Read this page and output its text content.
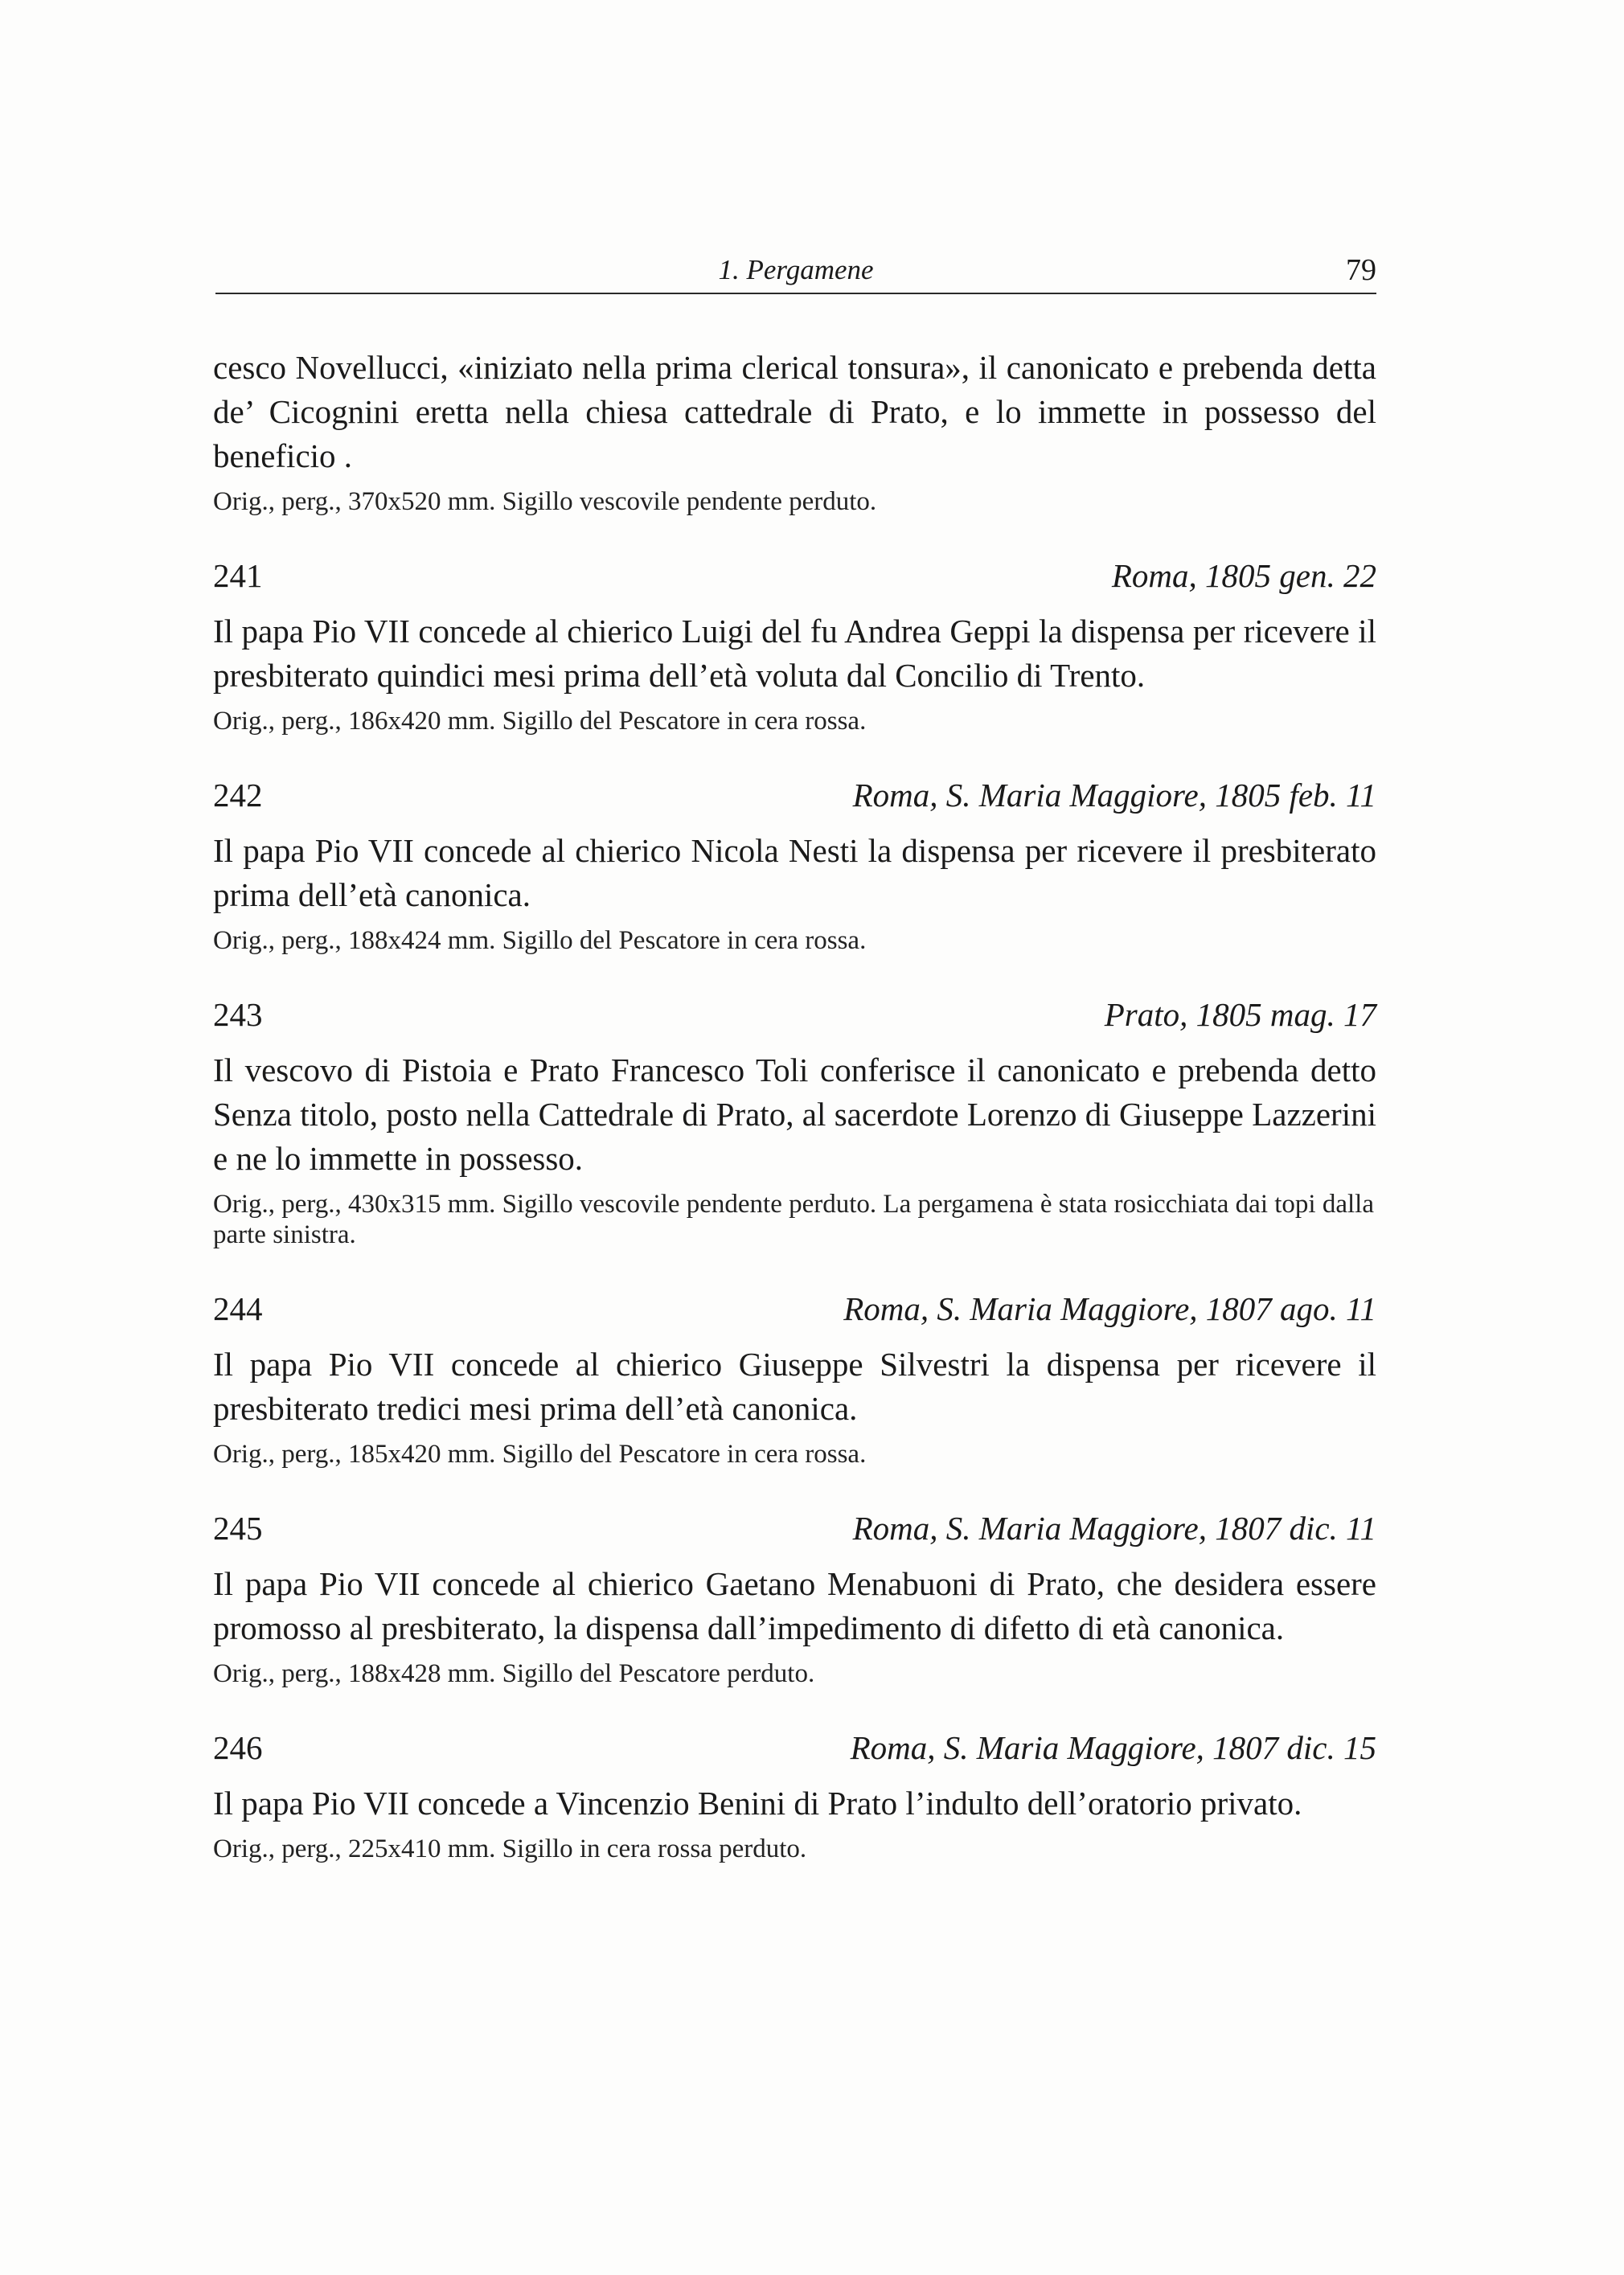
1. Pergamene	79

cesco Novellucci, «iniziato nella prima clerical tonsura», il canonicato e prebenda detta de’ Cicognini eretta nella chiesa cattedrale di Prato, e lo immette in possesso del beneficio .

Orig., perg., 370x520 mm. Sigillo vescovile pendente perduto.

241	Roma, 1805 gen. 22

Il papa Pio VII concede al chierico Luigi del fu Andrea Geppi la dispensa per ricevere il presbiterato quindici mesi prima dell’età voluta dal Concilio di Trento.

Orig., perg., 186x420 mm. Sigillo del Pescatore in cera rossa.

242	Roma, S. Maria Maggiore, 1805 feb. 11

Il papa Pio VII concede al chierico Nicola Nesti la dispensa per ricevere il presbiterato prima dell’età canonica.

Orig., perg., 188x424 mm. Sigillo del Pescatore in cera rossa.

243	Prato, 1805 mag. 17

Il vescovo di Pistoia e Prato Francesco Toli conferisce il canonicato e prebenda detto Senza titolo, posto nella Cattedrale di Prato, al sacerdote Lorenzo di Giuseppe Lazzerini e ne lo immette in possesso.

Orig., perg., 430x315 mm. Sigillo vescovile pendente perduto. La pergamena è stata rosicchiata dai topi dalla parte sinistra.

244	Roma, S. Maria Maggiore, 1807 ago. 11

Il papa Pio VII concede al chierico Giuseppe Silvestri la dispensa per ricevere il presbiterato tredici mesi prima dell’età canonica.

Orig., perg., 185x420 mm. Sigillo del Pescatore in cera rossa.

245	Roma, S. Maria Maggiore, 1807 dic. 11

Il papa Pio VII concede al chierico Gaetano Menabuoni di Prato, che desidera essere promosso al presbiterato, la dispensa dall’impedimento di difetto di età canonica.

Orig., perg., 188x428 mm. Sigillo del Pescatore perduto.

246	Roma, S. Maria Maggiore, 1807 dic. 15

Il papa Pio VII concede a Vincenzio Benini di Prato l’indulto dell’oratorio privato.

Orig., perg., 225x410 mm. Sigillo in cera rossa perduto.
